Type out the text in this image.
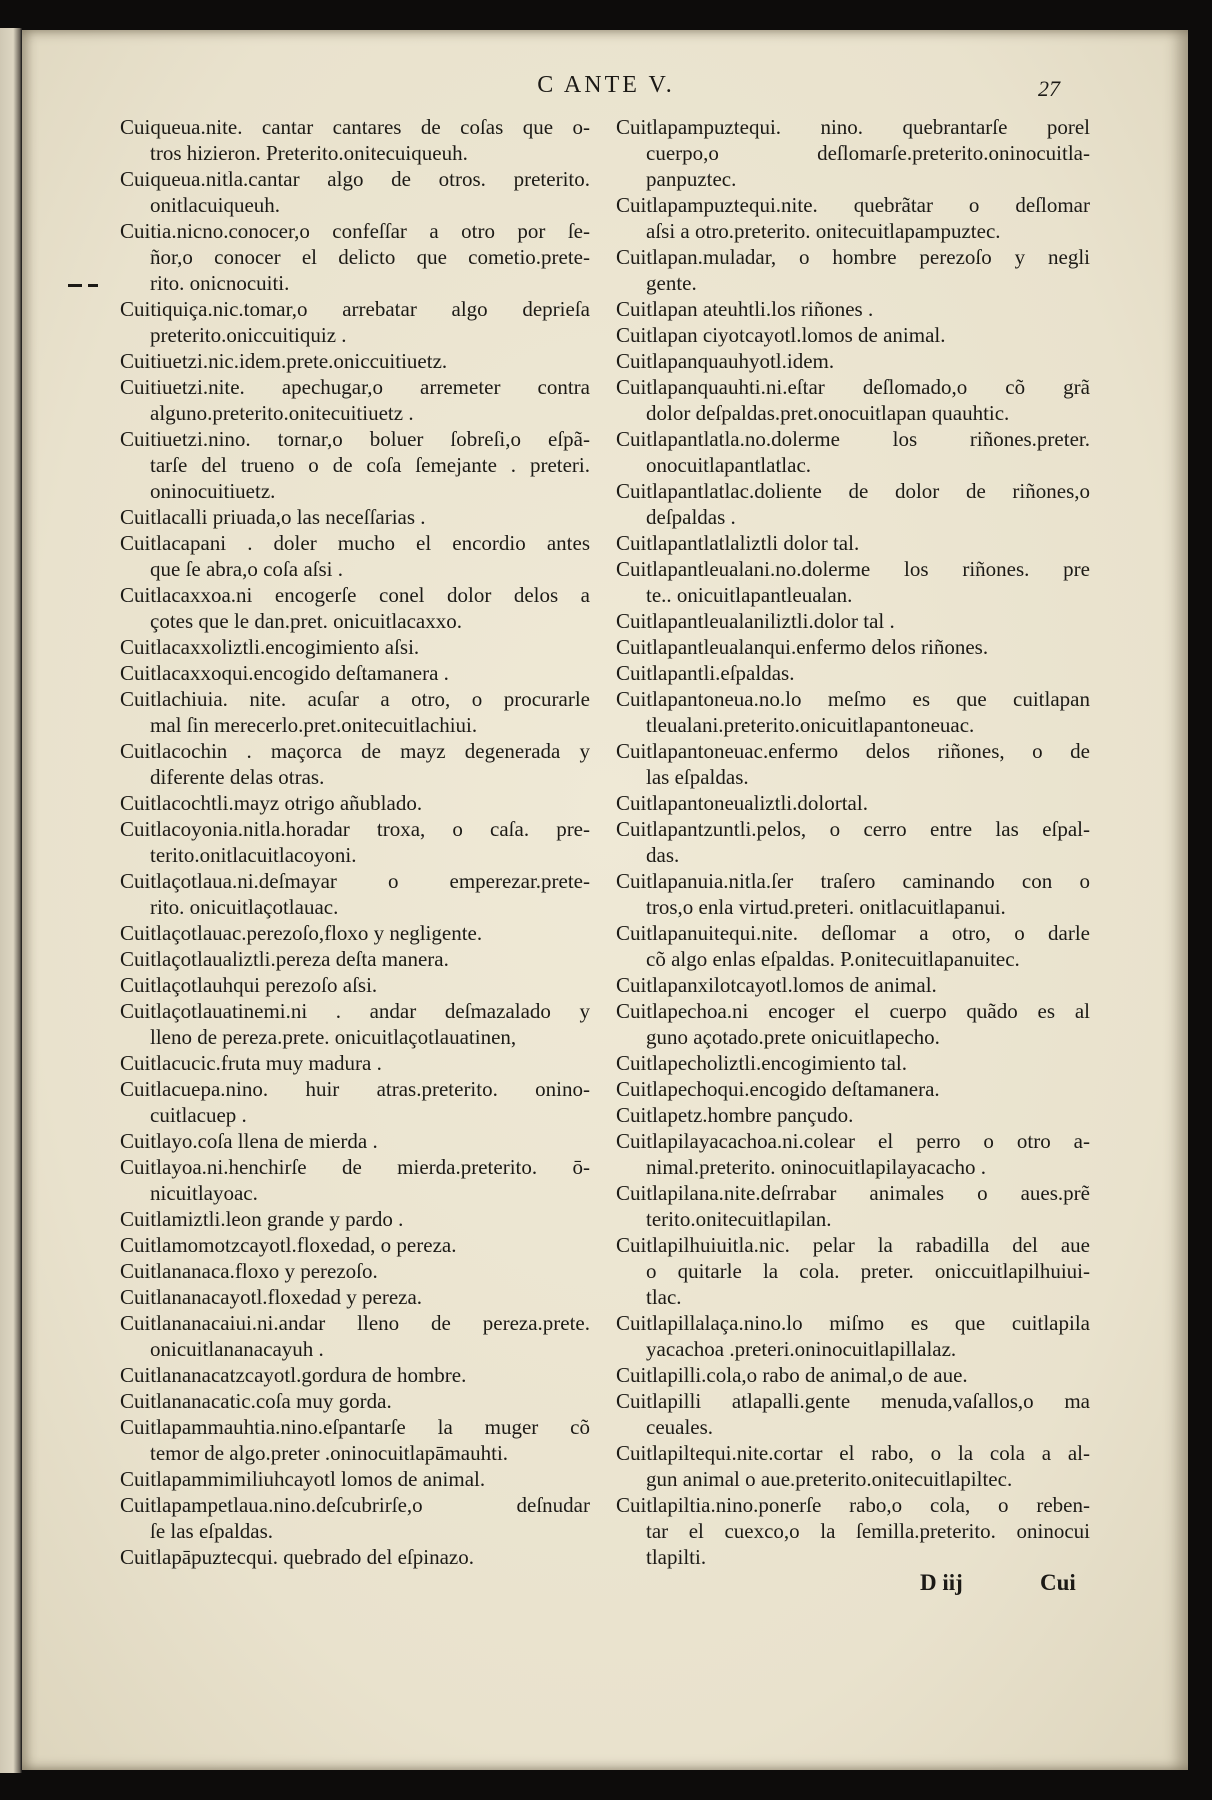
C ANTE V.	27
Cuiqueua.nite. cantar cantares de coſas que o-
tros hizieron. Preterito.onitecuiqueuh.
Cuiqueua.nitla.cantar algo de otros. preterito.
onitlacuiqueuh.
Cuitia.nicno.conocer,o confeſſar a otro por ſe-
ñor,o conocer el delicto que cometio.prete-
rito. onicnocuiti.
Cuitiquiça.nic.tomar,o arrebatar algo deprieſa
preterito.oniccuitiquiz .
Cuitiuetzi.nic.idem.prete.oniccuitiuetz.
Cuitiuetzi.nite. apechugar,o arremeter contra
alguno.preterito.onitecuitiuetz .
Cuitiuetzi.nino. tornar,o boluer ſobreſi,o eſpã-
tarſe del trueno o de coſa ſemejante . preteri.
oninocuitiuetz.
Cuitlacalli priuada,o las neceſſarias .
Cuitlacapani . doler mucho el encordio antes
que ſe abra,o coſa aſsi .
Cuitlacaxxoa.ni encogerſe conel dolor delos a
çotes que le dan.pret. onicuitlacaxxo.
Cuitlacaxxoliztli.encogimiento aſsi.
Cuitlacaxxoqui.encogido deſtamanera .
Cuitlachiuia. nite. acuſar a otro, o procurarle
mal ſin merecerlo.pret.onitecuitlachiui.
Cuitlacochin . maçorca de mayz degenerada y
diferente delas otras.
Cuitlacochtli.mayz otrigo añublado.
Cuitlacoyonia.nitla.horadar troxa, o caſa. pre-
terito.onitlacuitlacoyoni.
Cuitlaçotlaua.ni.deſmayar o emperezar.prete-
rito. onicuitlaçotlauac.
Cuitlaçotlauac.perezoſo,floxo y negligente.
Cuitlaçotlaualiztli.pereza deſta manera.
Cuitlaçotlauhqui perezoſo aſsi.
Cuitlaçotlauatinemi.ni . andar deſmazalado y
lleno de pereza.prete. onicuitlaçotlauatinen,
Cuitlacucic.fruta muy madura .
Cuitlacuepa.nino. huir atras.preterito. onino-
cuitlacuep .
Cuitlayo.coſa llena de mierda .
Cuitlayoa.ni.henchirſe de mierda.preterito. ō-
nicuitlayoac.
Cuitlamiztli.leon grande y pardo .
Cuitlamomotzcayotl.floxedad, o pereza.
Cuitlananaca.floxo y perezoſo.
Cuitlananacayotl.floxedad y pereza.
Cuitlananacaiui.ni.andar lleno de pereza.prete.
onicuitlananacayuh .
Cuitlananacatzcayotl.gordura de hombre.
Cuitlananacatic.coſa muy gorda.
Cuitlapammauhtia.nino.eſpantarſe la muger cõ
temor de algo.preter .oninocuitlapāmauhti.
Cuitlapammimiliuhcayotl lomos de animal.
Cuitlapampetlaua.nino.deſcubrirſe,o deſnudar
ſe las eſpaldas.
Cuitlapāpuztecqui. quebrado del eſpinazo.
Cuitlapampuztequi. nino. quebrantarſe porel
cuerpo,o deſlomarſe.preterito.oninocuitla-
panpuztec.
Cuitlapampuztequi.nite. quebrãtar o deſlomar
aſsi a otro.preterito. onitecuitlapampuztec.
Cuitlapan.muladar, o hombre perezoſo y negli
gente.
Cuitlapan ateuhtli.los riñones .
Cuitlapan ciyotcayotl.lomos de animal.
Cuitlapanquauhyotl.idem.
Cuitlapanquauhti.ni.eſtar deſlomado,o cõ grã
dolor deſpaldas.pret.onocuitlapan quauhtic.
Cuitlapantlatla.no.dolerme los riñones.preter.
onocuitlapantlatlac.
Cuitlapantlatlac.doliente de dolor de riñones,o
deſpaldas .
Cuitlapantlatlaliztli dolor tal.
Cuitlapantleualani.no.dolerme los riñones. pre
te.. onicuitlapantleualan.
Cuitlapantleualaniliztli.dolor tal .
Cuitlapantleualanqui.enfermo delos riñones.
Cuitlapantli.eſpaldas.
Cuitlapantoneua.no.lo meſmo es que cuitlapan
tleualani.preterito.onicuitlapantoneuac.
Cuitlapantoneuac.enfermo delos riñones, o de
las eſpaldas.
Cuitlapantoneualiztli.dolortal.
Cuitlapantzuntli.pelos, o cerro entre las eſpal-
das.
Cuitlapanuia.nitla.ſer traſero caminando con o
tros,o enla virtud.preteri. onitlacuitlapanui.
Cuitlapanuitequi.nite. deſlomar a otro, o darle
cõ algo enlas eſpaldas. P.onitecuitlapanuitec.
Cuitlapanxilotcayotl.lomos de animal.
Cuitlapechoa.ni encoger el cuerpo quãdo es al
guno açotado.prete onicuitlapecho.
Cuitlapecholiztli.encogimiento tal.
Cuitlapechoqui.encogido deſtamanera.
Cuitlapetz.hombre pançudo.
Cuitlapilayacachoa.ni.colear el perro o otro a-
nimal.preterito. oninocuitlapilayacacho .
Cuitlapilana.nite.deſrrabar animales o aues.prẽ
terito.onitecuitlapilan.
Cuitlapilhuiuitla.nic. pelar la rabadilla del aue
o quitarle la cola. preter. oniccuitlapilhuiui-
tlac.
Cuitlapillalaça.nino.lo miſmo es que cuitlapila
yacachoa .preteri.oninocuitlapillalaz.
Cuitlapilli.cola,o rabo de animal,o de aue.
Cuitlapilli atlapalli.gente menuda,vaſallos,o ma
ceuales.
Cuitlapiltequi.nite.cortar el rabo, o la cola a al-
gun animal o aue.preterito.onitecuitlapiltec.
Cuitlapiltia.nino.ponerſe rabo,o cola, o reben-
tar el cuexco,o la ſemilla.preterito. oninocui
tlapilti.
D iij	Cui
